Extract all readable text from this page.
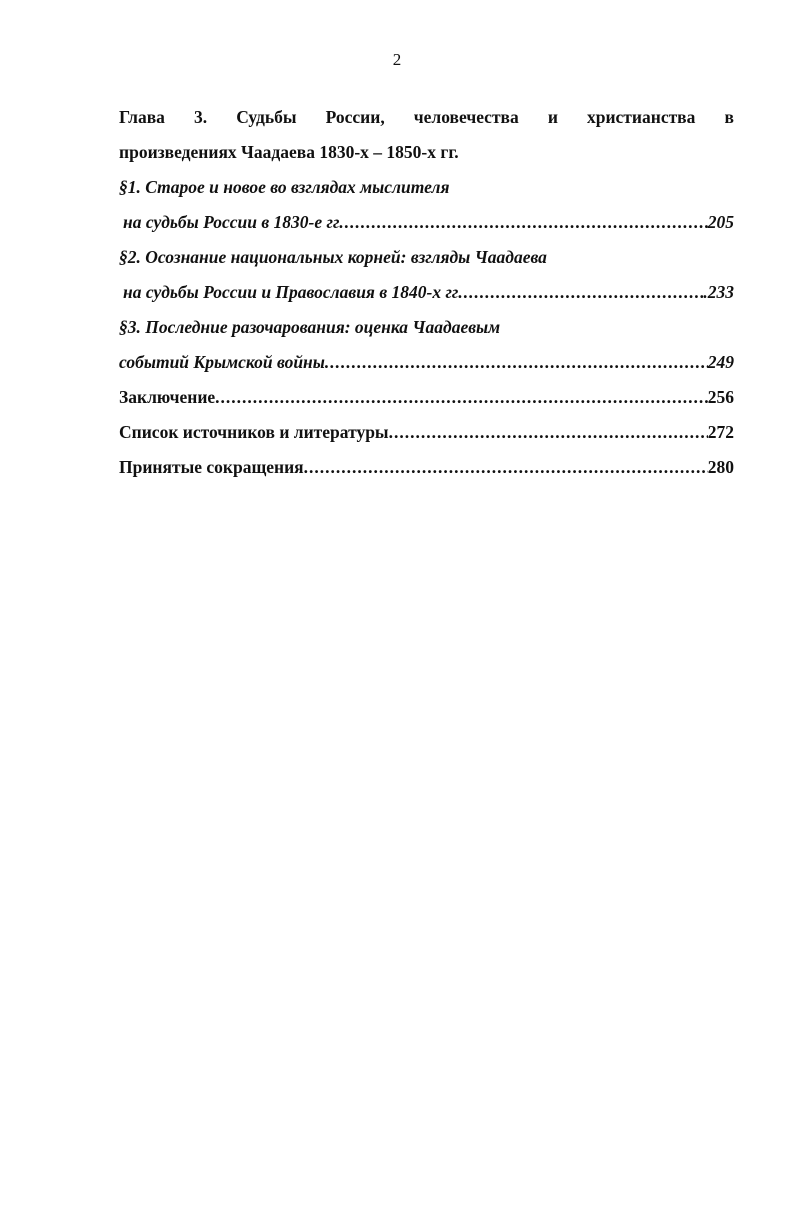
2
Глава 3. Судьбы России, человечества и христианства в
произведениях Чаадаева 1830-х – 1850-х гг.
§1. Старое и новое во взглядах мыслителя
на судьбы России в 1830-е гг .....	205
§2. Осознание национальных корней: взгляды Чаадаева
на судьбы России и Православия в 1840-х гг .....	.233
§3. Последние разочарования: оценка Чаадаевым
событий Крымской войны .....	249
Заключение .....	256
Список источников и литературы .....	272
Принятые сокращения .....	280
